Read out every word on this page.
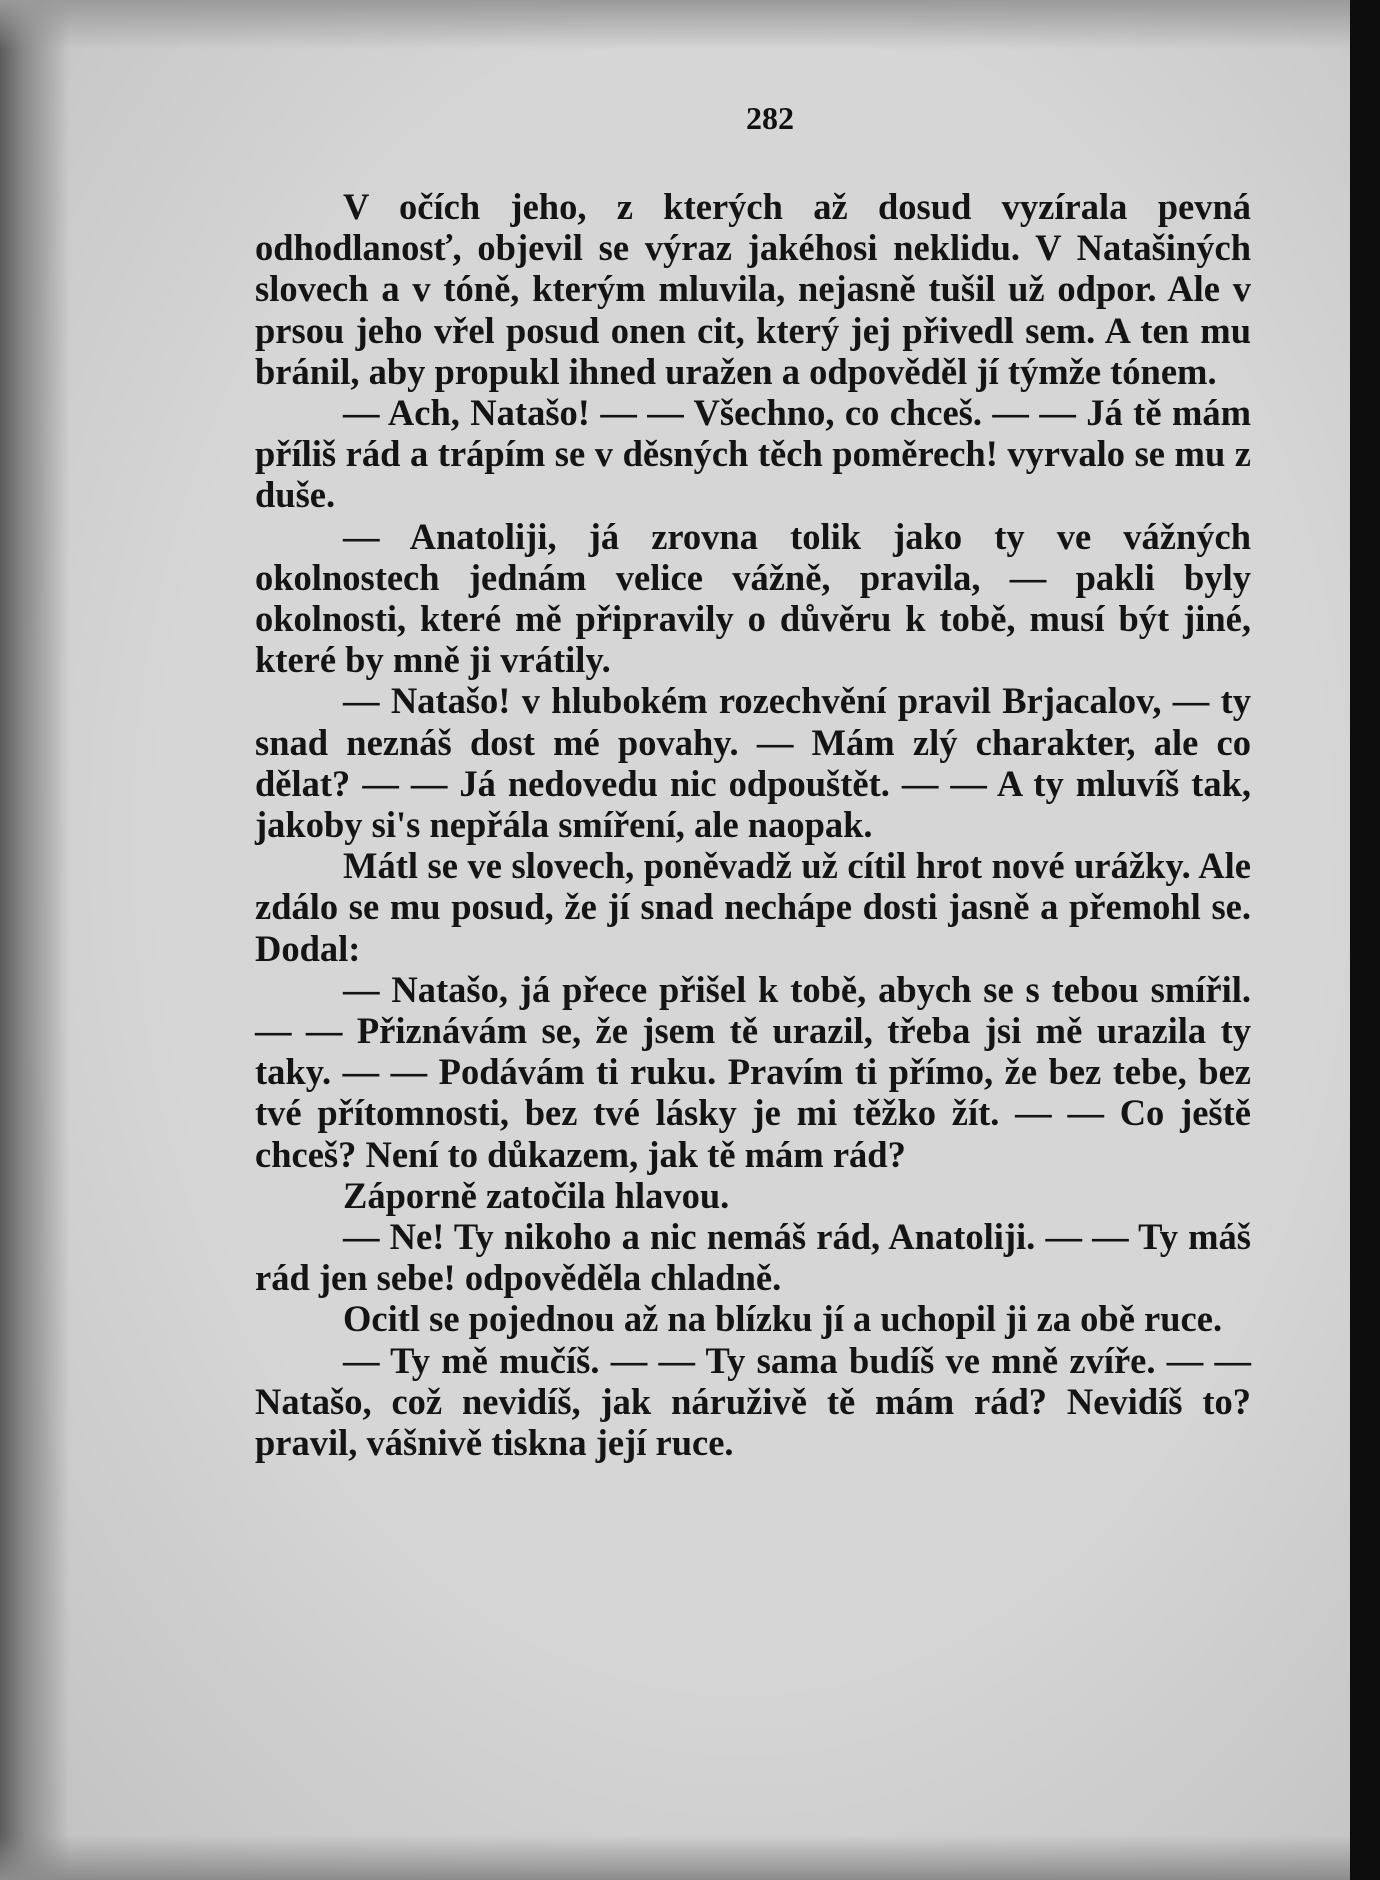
282

V očích jeho, z kterých až dosud vyzírala pevná odhodlanosť, objevil se výraz jakéhosi neklidu. V Natašiných slovech a v tóně, kterým mluvila, nejasně tušil už odpor. Ale v prsou jeho vřel posud onen cit, který jej přivedl sem. A ten mu bránil, aby propukl ihned uražen a odpověděl jí týmže tónem.

— Ach, Natašo! — — Všechno, co chceš. — — Já tě mám příliš rád a trápím se v děsných těch poměrech! vyrvalo se mu z duše.

— Anatoliji, já zrovna tolik jako ty ve vážných okolnostech jednám velice vážně, pravila, — pakli byly okolnosti, které mě připravily o důvěru k tobě, musí být jiné, které by mně ji vrátily.

— Natašo! v hlubokém rozechvění pravil Brjacalov, — ty snad neznáš dost mé povahy. — Mám zlý charakter, ale co dělat? — — Já nedovedu nic odpouštět. — — A ty mluvíš tak, jakoby si's nepřála smíření, ale naopak.

Mátl se ve slovech, poněvadž už cítil hrot nové urážky. Ale zdálo se mu posud, že jí snad nechápe dosti jasně a přemohl se. Dodal:

— Natašo, já přece přišel k tobě, abych se s tebou smířil. — — Přiznávám se, že jsem tě urazil, třeba jsi mě urazila ty taky. — — Podávám ti ruku. Pravím ti přímo, že bez tebe, bez tvé přítomnosti, bez tvé lásky je mi těžko žít. — — Co ještě chceš? Není to důkazem, jak tě mám rád?

Záporně zatočila hlavou.

— Ne! Ty nikoho a nic nemáš rád, Anatoliji. — — Ty máš rád jen sebe! odpověděla chladně.

Ocitl se pojednou až na blízku jí a uchopil ji za obě ruce.

— Ty mě mučíš. — — Ty sama budíš ve mně zvíře. — — Natašo, což nevidíš, jak náruživě tě mám rád? Nevidíš to? pravil, vášnivě tiskna její ruce.
